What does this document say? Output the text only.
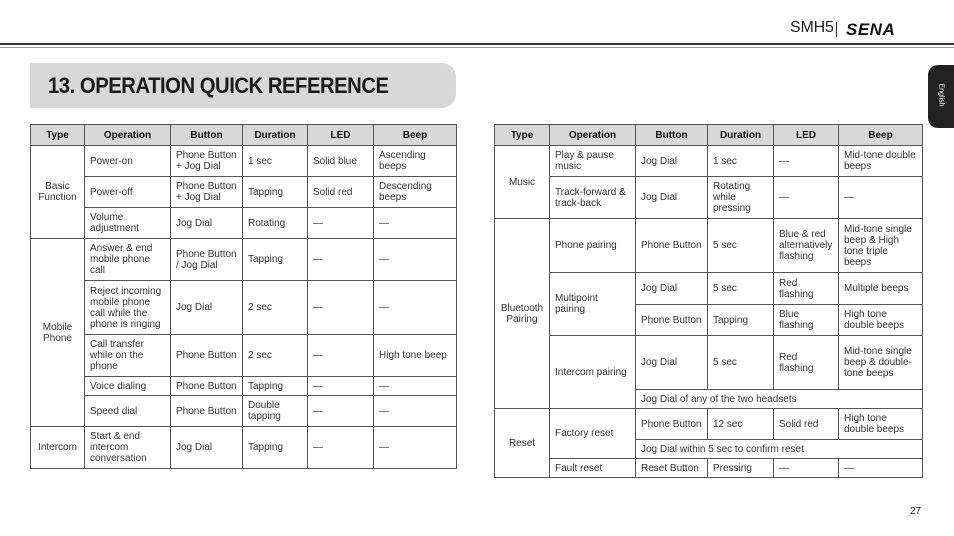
SMH5 SENA
13. OPERATION QUICK REFERENCE	English
Type	Operation	Button	Duration	LED	Beep
Basic Function	Power-on	Phone Button + Jog Dial	1 sec	Solid blue	Ascending beeps
	Power-off	Phone Button + Jog Dial	Tapping	Solid red	Descending beeps
	Volume adjustment	Jog Dial	Rotating	—	—
Mobile Phone	Answer & end mobile phone call	Phone Button / Jog Dial	Tapping	—	—
	Reject incoming mobile phone call while the phone is ringing	Jog Dial	2 sec	—	—
	Call transfer while on the phone	Phone Button	2 sec	—	High tone beep
	Voice dialing	Phone Button	Tapping	—	—
	Speed dial	Phone Button	Double tapping	—	—
Intercom	Start & end intercom conversation	Jog Dial	Tapping	—	—
Type	Operation	Button	Duration	LED	Beep
Music	Play & pause music	Jog Dial	1 sec	—	Mid-tone double beeps
	Track-forward & track-back	Jog Dial	Rotating while pressing	—	—
Bluetooth Pairing	Phone pairing	Phone Button	5 sec	Blue & red alternatively flashing	Mid-tone single beep & High tone triple beeps
	Multipoint pairing	Jog Dial	5 sec	Red flashing	Multiple beeps
		Phone Button	Tapping	Blue flashing	High tone double beeps
	Intercom pairing	Jog Dial	5 sec	Red flashing	Mid-tone single beep & double-tone beeps
		Jog Dial of any of the two headsets			
Reset	Factory reset	Phone Button	12 sec	Solid red	High tone double beeps
		Jog Dial within 5 sec to confirm reset			
	Fault reset	Reset Button	Pressing	—	—
27
